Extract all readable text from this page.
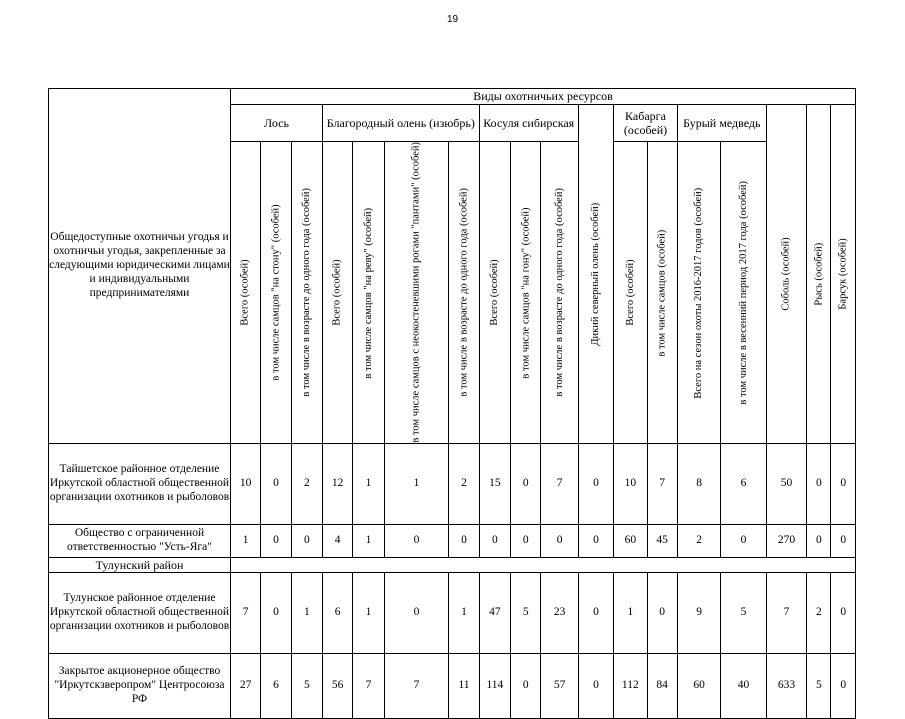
19
Общедоступные охотничьи угодья и охотничьи угодья, закрепленные за следующими юридическими лицами и индивидуальными предпринимателями	Виды охотничьих ресурсов																	
	Лось			Благородный олень (изюбрь)				Косуля сибирская			Дикий северный олень (особей)	Кабарга (особей)		Бурый медведь		Соболь (особей)	Рысь (особей)	Барсук (особей)
	Всего (особей)	в том числе самцов "на стону" (особей)	в том числе в возрасте до одного года (особей)	Всего (особей)	в том числе самцов "на реву" (особей)	в том числе самцов с неокостеневшими рогами "пантами" (особей)	в том числе в возрасте до одного года (особей)	Всего (особей)	в том числе самцов "на гону" (особей)	в том числе в возрасте до одного года (особей)		Всего (особей)	в том числе самцов (особей)	Всего на сезон охоты 2016-2017 годов (особей)	в том числе в весенний период 2017 года (особей)			
Тайшетское районное отделение Иркутской областной общественной организации охотников и рыболовов	10	0	2	12	1	1	2	15	0	7	0	10	7	8	6	50	0	0
Общество с ограниченной ответственностью "Усть-Яга"	1	0	0	4	1	0	0	0	0	0	0	60	45	2	0	270	0	0
Тулунский район																		
Тулунское районное отделение Иркутской областной общественной организации охотников и рыболовов	7	0	1	6	1	0	1	47	5	23	0	1	0	9	5	7	2	0
Закрытое акционерное общество "Иркутскзверопром" Центросоюза РФ	27	6	5	56	7	7	11	114	0	57	0	112	84	60	40	633	5	0
